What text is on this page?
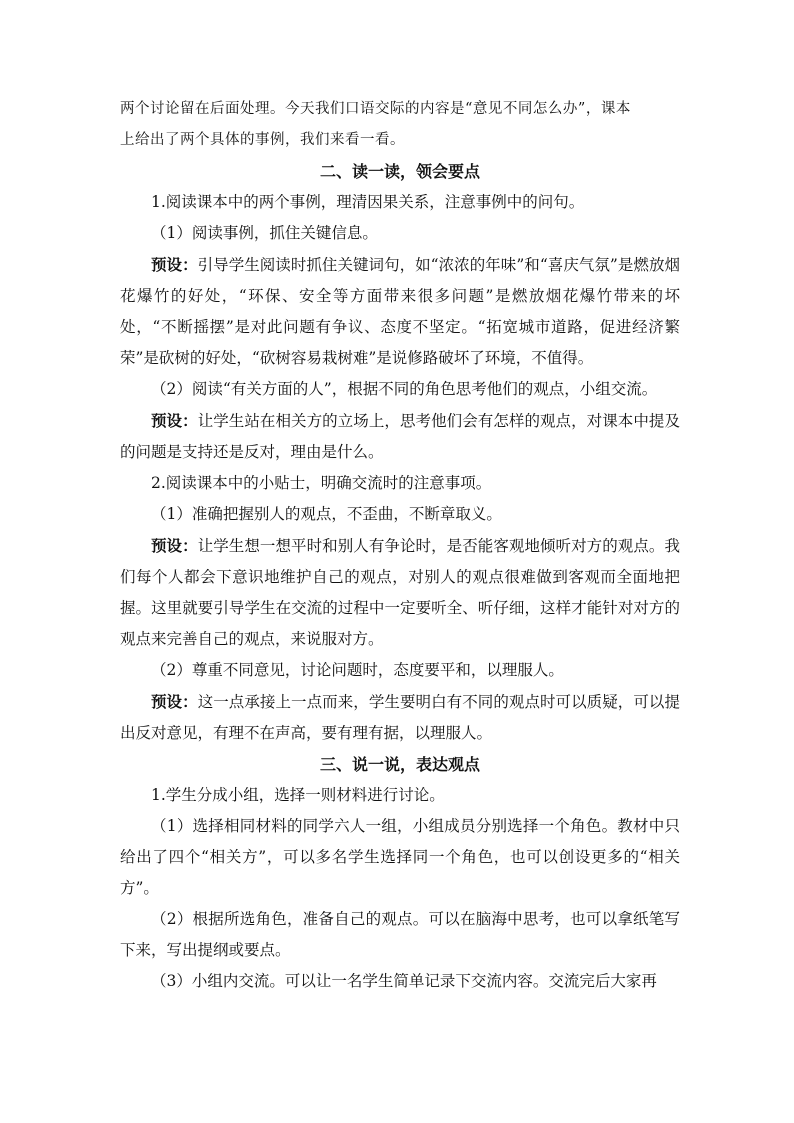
两个讨论留在后面处理。今天我们口语交际的内容是“意见不同怎么办”，课本
上给出了两个具体的事例，我们来看一看。

二、读一读，领会要点

1.阅读课本中的两个事例，理清因果关系，注意事例中的问句。

（1）阅读事例，抓住关键信息。

预设：引导学生阅读时抓住关键词句，如“浓浓的年味”和“喜庆气氛”是燃放烟花爆竹的好处，“环保、安全等方面带来很多问题”是燃放烟花爆竹带来的坏处，“不断摇摆”是对此问题有争议、态度不坚定。“拓宽城市道路，促进经济繁荣”是砍树的好处，“砍树容易栽树难”是说修路破坏了环境，不值得。

（2）阅读“有关方面的人”，根据不同的角色思考他们的观点，小组交流。

预设：让学生站在相关方的立场上，思考他们会有怎样的观点，对课本中提及的问题是支持还是反对，理由是什么。

2.阅读课本中的小贴士，明确交流时的注意事项。

（1）准确把握别人的观点，不歪曲，不断章取义。

预设：让学生想一想平时和别人有争论时，是否能客观地倾听对方的观点。我们每个人都会下意识地维护自己的观点，对别人的观点很难做到客观而全面地把握。这里就要引导学生在交流的过程中一定要听全、听仔细，这样才能针对对方的观点来完善自己的观点，来说服对方。

（2）尊重不同意见，讨论问题时，态度要平和，以理服人。

预设：这一点承接上一点而来，学生要明白有不同的观点时可以质疑，可以提出反对意见，有理不在声高，要有理有据，以理服人。

三、说一说，表达观点

1.学生分成小组，选择一则材料进行讨论。

（1）选择相同材料的同学六人一组，小组成员分别选择一个角色。教材中只给出了四个“相关方”，可以多名学生选择同一个角色，也可以创设更多的“相关方”。

（2）根据所选角色，准备自己的观点。可以在脑海中思考，也可以拿纸笔写下来，写出提纲或要点。

（3）小组内交流。可以让一名学生简单记录下交流内容。交流完后大家再
